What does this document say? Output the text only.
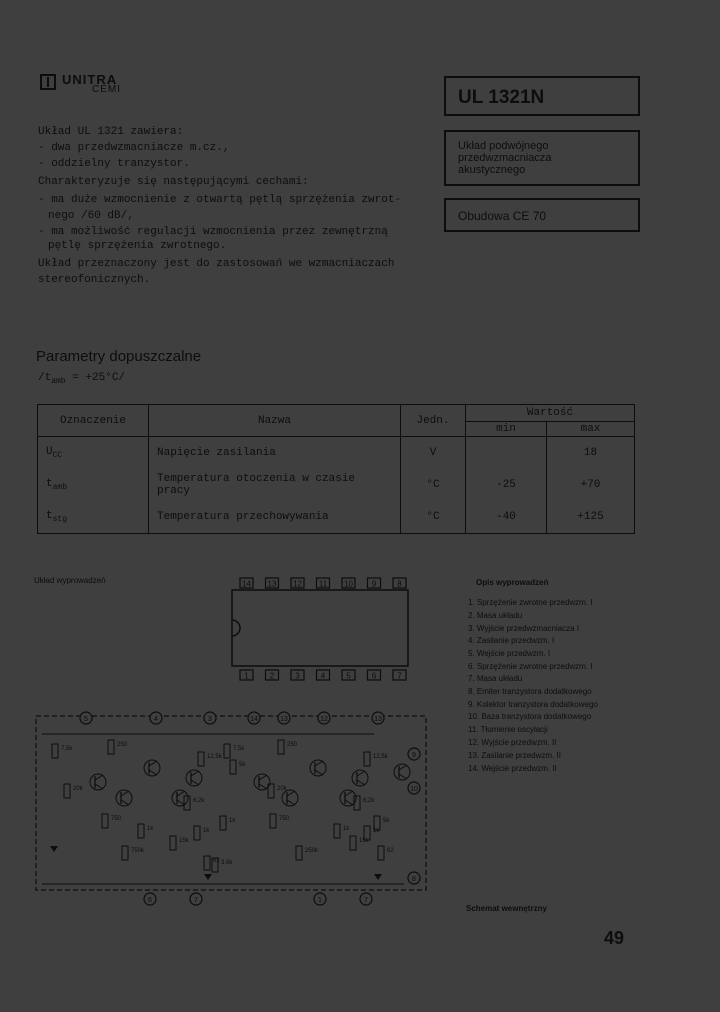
UNITRA
CEMI	UL 1321N
Układ podwójnego
przedwzmacniacza
akustycznego
Obudowa CE 70
Układ UL 1321 zawiera:
- dwa przedwzmacniacze m.cz.,
- oddzielny tranzystor.
Charakteryzuje się następującymi cechami:
- ma duże wzmocnienie z otwartą pętlą sprzężenia zwrot-
nego /60 dB/,
- ma możliwość regulacji wzmocnienia przez zewnętrzną
pętlę sprzężenia zwrotnego.
Układ przeznaczony jest do zastosowań we wzmacniaczach
stereofonicznych.
Parametry dopuszczalne
$/t_{amb} = +25^\circ C/$
Oznaczenie	Nazwa	Jedn.	Wartość	
			min	max
$U_{CC}$	Napięcie zasilania	V		18
$t_{amb}$	Temperatura otoczenia w czasie pracy	°C	-25	+70
$t_{stg}$	Temperatura przechowywania	°C	-40	+125
Układ wyprowadzeń	14 13 12 11 10 9	8
1	2	3	4	5	6	7
Opis wyprowadzeń
1. Sprzężenie zwrotne przedwzm. I
2. Masa układu
3. Wyjście przedwzmacniacza I
4. Zasilanie przedwzm. I
5. Wejście przedwzm. I
6. Sprzężenie zwrotne przedwzm. I
7. Masa układu
8. Emiter tranzystora dodatkowego
9. Kolektor tranzystora dodatkowego
10. Baza tranzystora dodatkowego
11. Tłumienie oscylacji
12. Wyjście przedwzm. II
13. Zasilanie przedwzm. II
14. Wejście przedwzm. II
5	4	3	14	13	12	13
6	7	1	7
9
10
8
7,5k
20k
750
250
750k
1k
15k
12,5k
6,2k
1k
1k
5k
62 3,6k
7,5k
20k
750
250
250k
1k
15k
12,5k
6,2k
1k
5k
62
Schemat wewnętrzny
49
